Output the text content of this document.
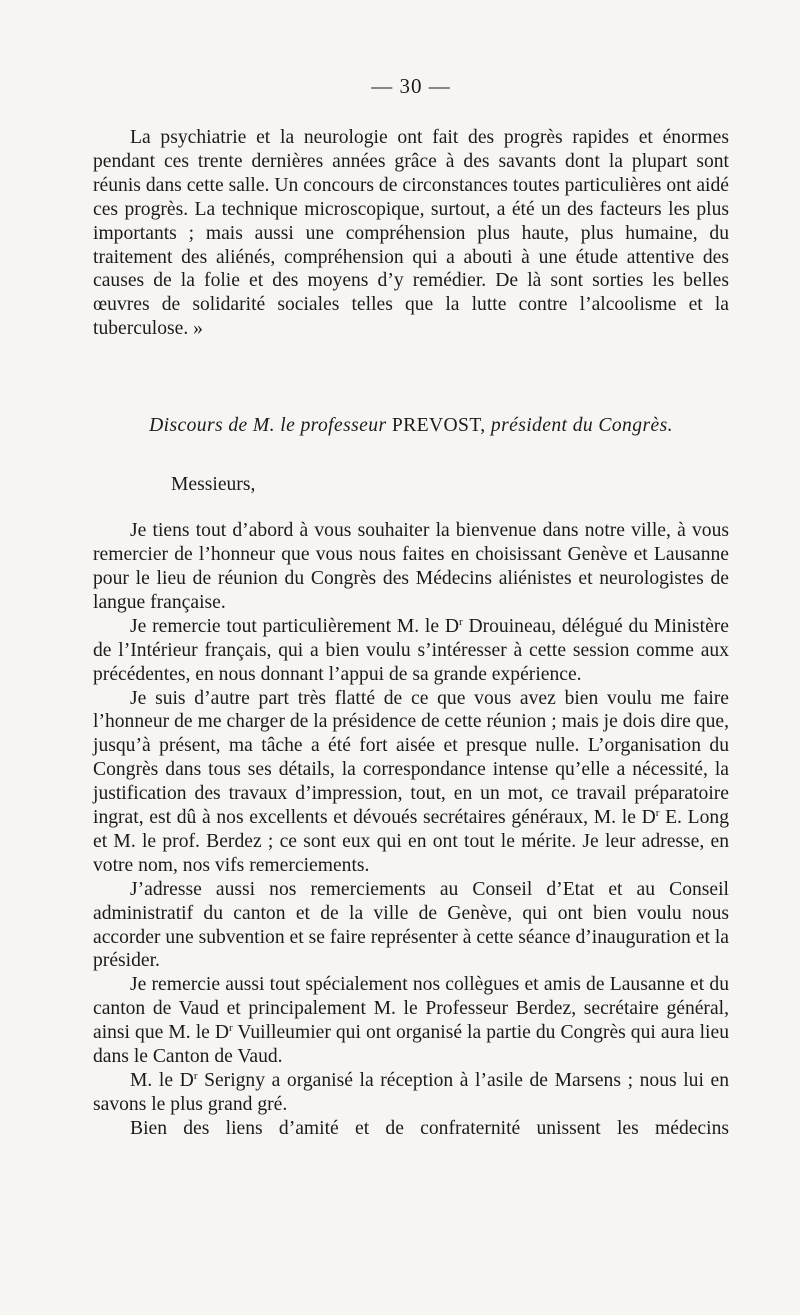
— 30 —

La psychiatrie et la neurologie ont fait des progrès rapides et énormes pendant ces trente dernières années grâce à des savants dont la plupart sont réunis dans cette salle. Un concours de circonstances toutes particulières ont aidé ces progrès. La technique microscopique, surtout, a été un des facteurs les plus importants ; mais aussi une compréhension plus haute, plus humaine, du traitement des aliénés, compréhension qui a abouti à une étude attentive des causes de la folie et des moyens d’y remédier. De là sont sorties les belles œuvres de solidarité sociales telles que la lutte contre l’alcoolisme et la tuberculose. »

Discours de M. le professeur PREVOST, président du Congrès.
Messieurs,

Je tiens tout d’abord à vous souhaiter la bienvenue dans notre ville, à vous remercier de l’honneur que vous nous faites en choisissant Genève et Lausanne pour le lieu de réunion du Congrès des Médecins aliénistes et neurologistes de langue française.

Je remercie tout particulièrement M. le $D^r$ Drouineau, délégué du Ministère de l’Intérieur français, qui a bien voulu s’intéresser à cette session comme aux précédentes, en nous donnant l’appui de sa grande expérience.

Je suis d’autre part très flatté de ce que vous avez bien voulu me faire l’honneur de me charger de la présidence de cette réunion ; mais je dois dire que, jusqu’à présent, ma tâche a été fort aisée et presque nulle. L’organisation du Congrès dans tous ses détails, la correspondance intense qu’elle a nécessité, la justification des travaux d’impression, tout, en un mot, ce travail préparatoire ingrat, est dû à nos excellents et dévoués secrétaires généraux, M. le $D^r$ E. Long et M. le prof. Berdez ; ce sont eux qui en ont tout le mérite. Je leur adresse, en votre nom, nos vifs remerciements.

J’adresse aussi nos remerciements au Conseil d’Etat et au Conseil administratif du canton et de la ville de Genève, qui ont bien voulu nous accorder une subvention et se faire représenter à cette séance d’inauguration et la présider.

Je remercie aussi tout spécialement nos collègues et amis de Lausanne et du canton de Vaud et principalement M. le Professeur Berdez, secrétaire général, ainsi que M. le $D^r$ Vuilleumier qui ont organisé la partie du Congrès qui aura lieu dans le Canton de Vaud.

M. le $D^r$ Serigny a organisé la réception à l’asile de Marsens ; nous lui en savons le plus grand gré.

Bien des liens d’amité et de confraternité unissent les médecins
